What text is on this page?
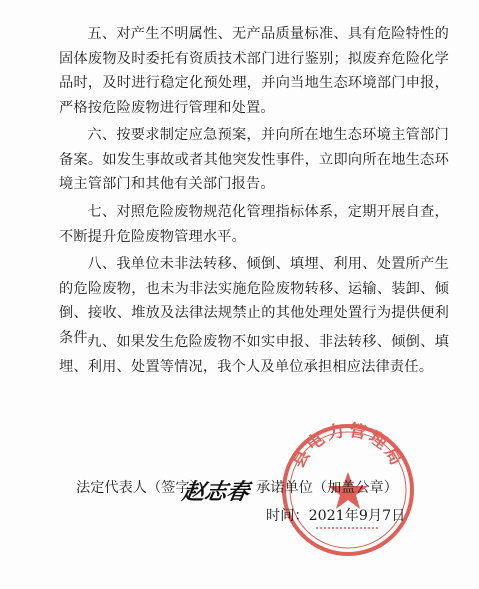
五、对产生不明属性、无产品质量标准、具有危险特性的固体废物及时委托有资质技术部门进行鉴别；拟废弃危险化学品时，及时进行稳定化预处理，并向当地生态环境部门申报，严格按危险废物进行管理和处置。

六、按要求制定应急预案，并向所在地生态环境主管部门备案。如发生事故或者其他突发性事件，立即向所在地生态环境主管部门和其他有关部门报告。

七、对照危险废物规范化管理指标体系，定期开展自查，不断提升危险废物管理水平。

八、我单位未非法转移、倾倒、填埋、利用、处置所产生的危险废物，也未为非法实施危险废物转移、运输、装卸、倾倒、接收、堆放及法律法规禁止的其他处理处置行为提供便利条件。

九、如果发生危险废物不如实申报、非法转移、倾倒、填埋、利用、处置等情况，我个人及单位承担相应法律责任。

县电力管理局
法定代表人（签字）
赵志春 承诺单位（加盖公章）
时间：2021年9月7日
